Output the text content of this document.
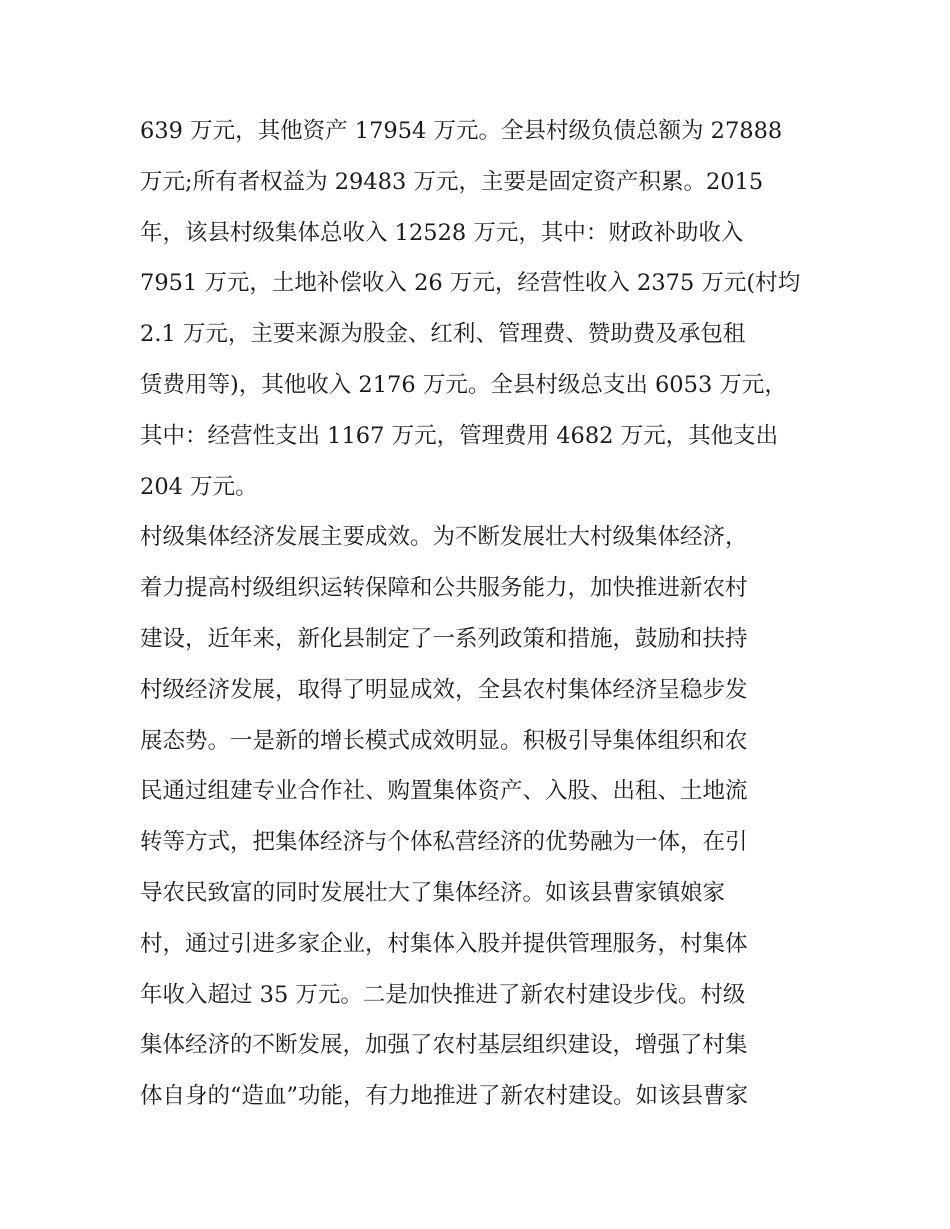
639 万元，其他资产 17954 万元。全县村级负债总额为 27888
万元;所有者权益为 29483 万元，主要是固定资产积累。2015
年，该县村级集体总收入 12528 万元，其中：财政补助收入
7951 万元，土地补偿收入 26 万元，经营性收入 2375 万元(村均
2.1 万元，主要来源为股金、红利、管理费、赞助费及承包租
赁费用等)，其他收入 2176 万元。全县村级总支出 6053 万元，
其中：经营性支出 1167 万元，管理费用 4682 万元，其他支出
204 万元。
村级集体经济发展主要成效。为不断发展壮大村级集体经济，
着力提高村级组织运转保障和公共服务能力，加快推进新农村
建设，近年来，新化县制定了一系列政策和措施，鼓励和扶持
村级经济发展，取得了明显成效，全县农村集体经济呈稳步发
展态势。一是新的增长模式成效明显。积极引导集体组织和农
民通过组建专业合作社、购置集体资产、入股、出租、土地流
转等方式，把集体经济与个体私营经济的优势融为一体，在引
导农民致富的同时发展壮大了集体经济。如该县曹家镇娘家
村，通过引进多家企业，村集体入股并提供管理服务，村集体
年收入超过 35 万元。二是加快推进了新农村建设步伐。村级
集体经济的不断发展，加强了农村基层组织建设，增强了村集
体自身的“造血”功能，有力地推进了新农村建设。如该县曹家
